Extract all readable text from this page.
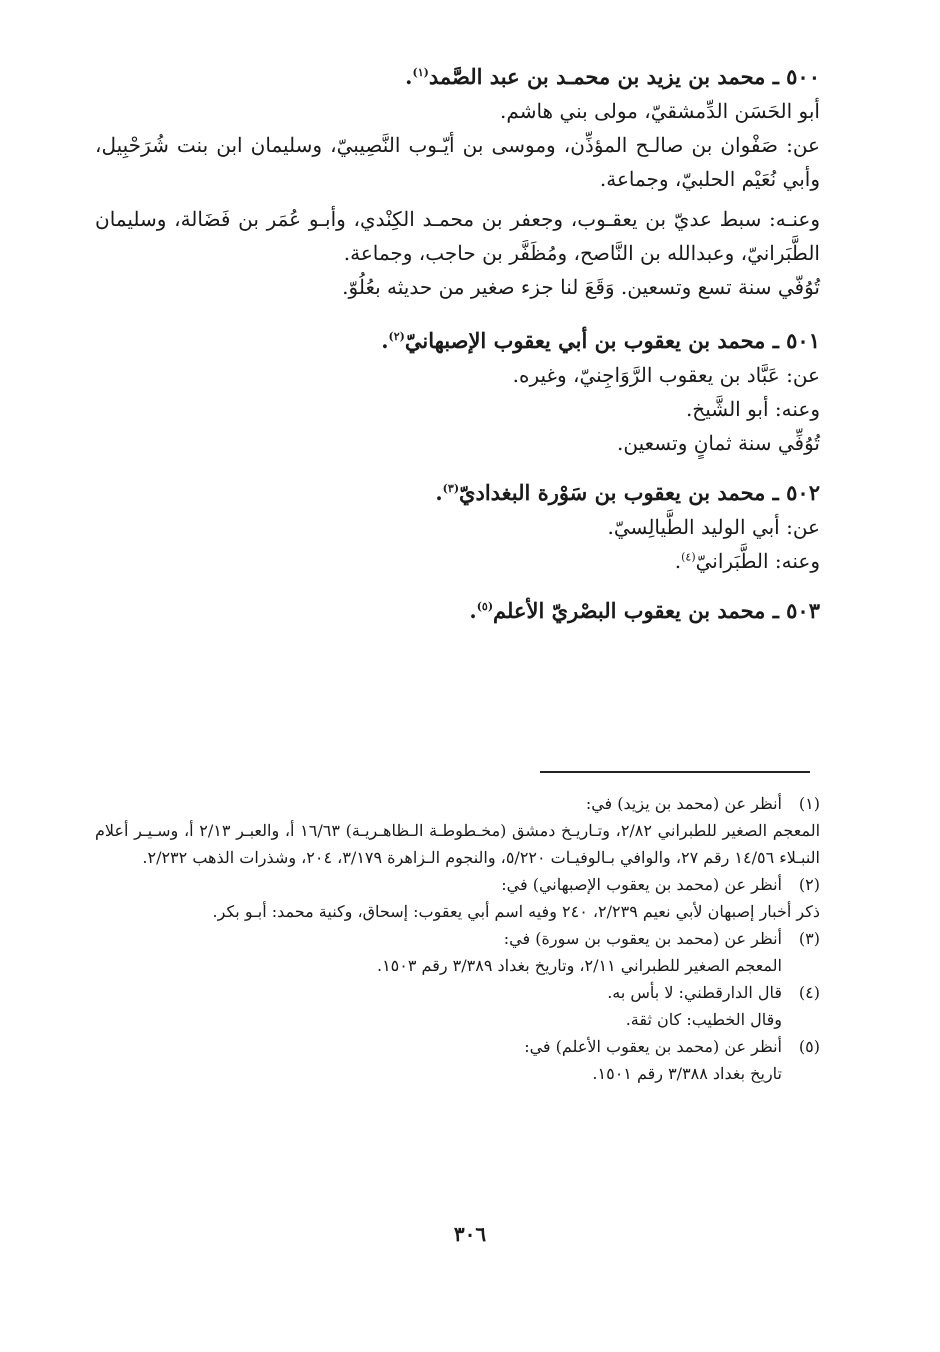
٥٠٠ ـ محمد بن يزيد بن محمـد بن عبد الصَّمد$^{(١)}$.

أبو الحَسَن الدِّمشقيّ، مولى بني هاشم.

عن: صَفْوان بن صالـح المؤذِّن، وموسى بن أيّـوب النَّصِيبيّ، وسليمان ابن بنت شُرَحْبِيل، وأبي نُعَيْم الحلبيّ، وجماعة.

وعنـه: سبط عديّ بن يعقـوب، وجعفر بن محمـد الكِنْدي، وأبـو عُمَر بن فَضَالة، وسليمان الطَّبَرانيّ، وعبدالله بن النَّاصح، ومُظَفَّر بن حاجب، وجماعة.

تُوُفّي سنة تسع وتسعين. وَقَعَ لنا جزء صغير من حديثه بعُلُوّ.

٥٠١ ـ محمد بن يعقوب بن أبي يعقوب الإصبهانيّ$^{(٢)}$.

عن: عَبَّاد بن يعقوب الرَّوَاجِنيّ، وغيره.

وعنه: أبو الشَّيخ.

تُوُفِّي سنة ثمانٍ وتسعين.

٥٠٢ ـ محمد بن يعقوب بن سَوْرة البغداديّ$^{(٣)}$.

عن: أبي الوليد الطَّيالِسيّ.

وعنه: الطَّبَرانيّ$^{(٤)}$.

٥٠٣ ـ محمد بن يعقوب البصْريّ الأعلم$^{(٥)}$.

(١)

أنظر عن (محمد بن يزيد) في:

المعجم الصغير للطبراني ٢/٨٢، وتـاريـخ دمشق (مخـطوطـة الـظاهـريـة) ١٦/٦٣ أ، والعبـر ٢/١٣ أ، وسـيـر أعلام النبـلاء ١٤/٥٦ رقم ٢٧، والوافي بـالوفيـات ٥/٢٢٠، والنجوم الـزاهرة ٣/١٧٩، ٢٠٤، وشذرات الذهب ٢/٢٣٢.

(٢)

أنظر عن (محمد بن يعقوب الإصبهاني) في:

ذكر أخبار إصبهان لأبي نعيم ٢/٢٣٩، ٢٤٠ وفيه اسم أبي يعقوب: إسحاق، وكنية محمد: أبـو بكر.

(٣)

أنظر عن (محمد بن يعقوب بن سورة) في:

المعجم الصغير للطبراني ٢/١١، وتاريخ بغداد ٣/٣٨٩ رقم ١٥٠٣.

(٤)

قال الدارقطني: لا بأس به.

وقال الخطيب: كان ثقة.

(٥)

أنظر عن (محمد بن يعقوب الأعلم) في:

تاريخ بغداد ٣/٣٨٨ رقم ١٥٠١.

٣٠٦
